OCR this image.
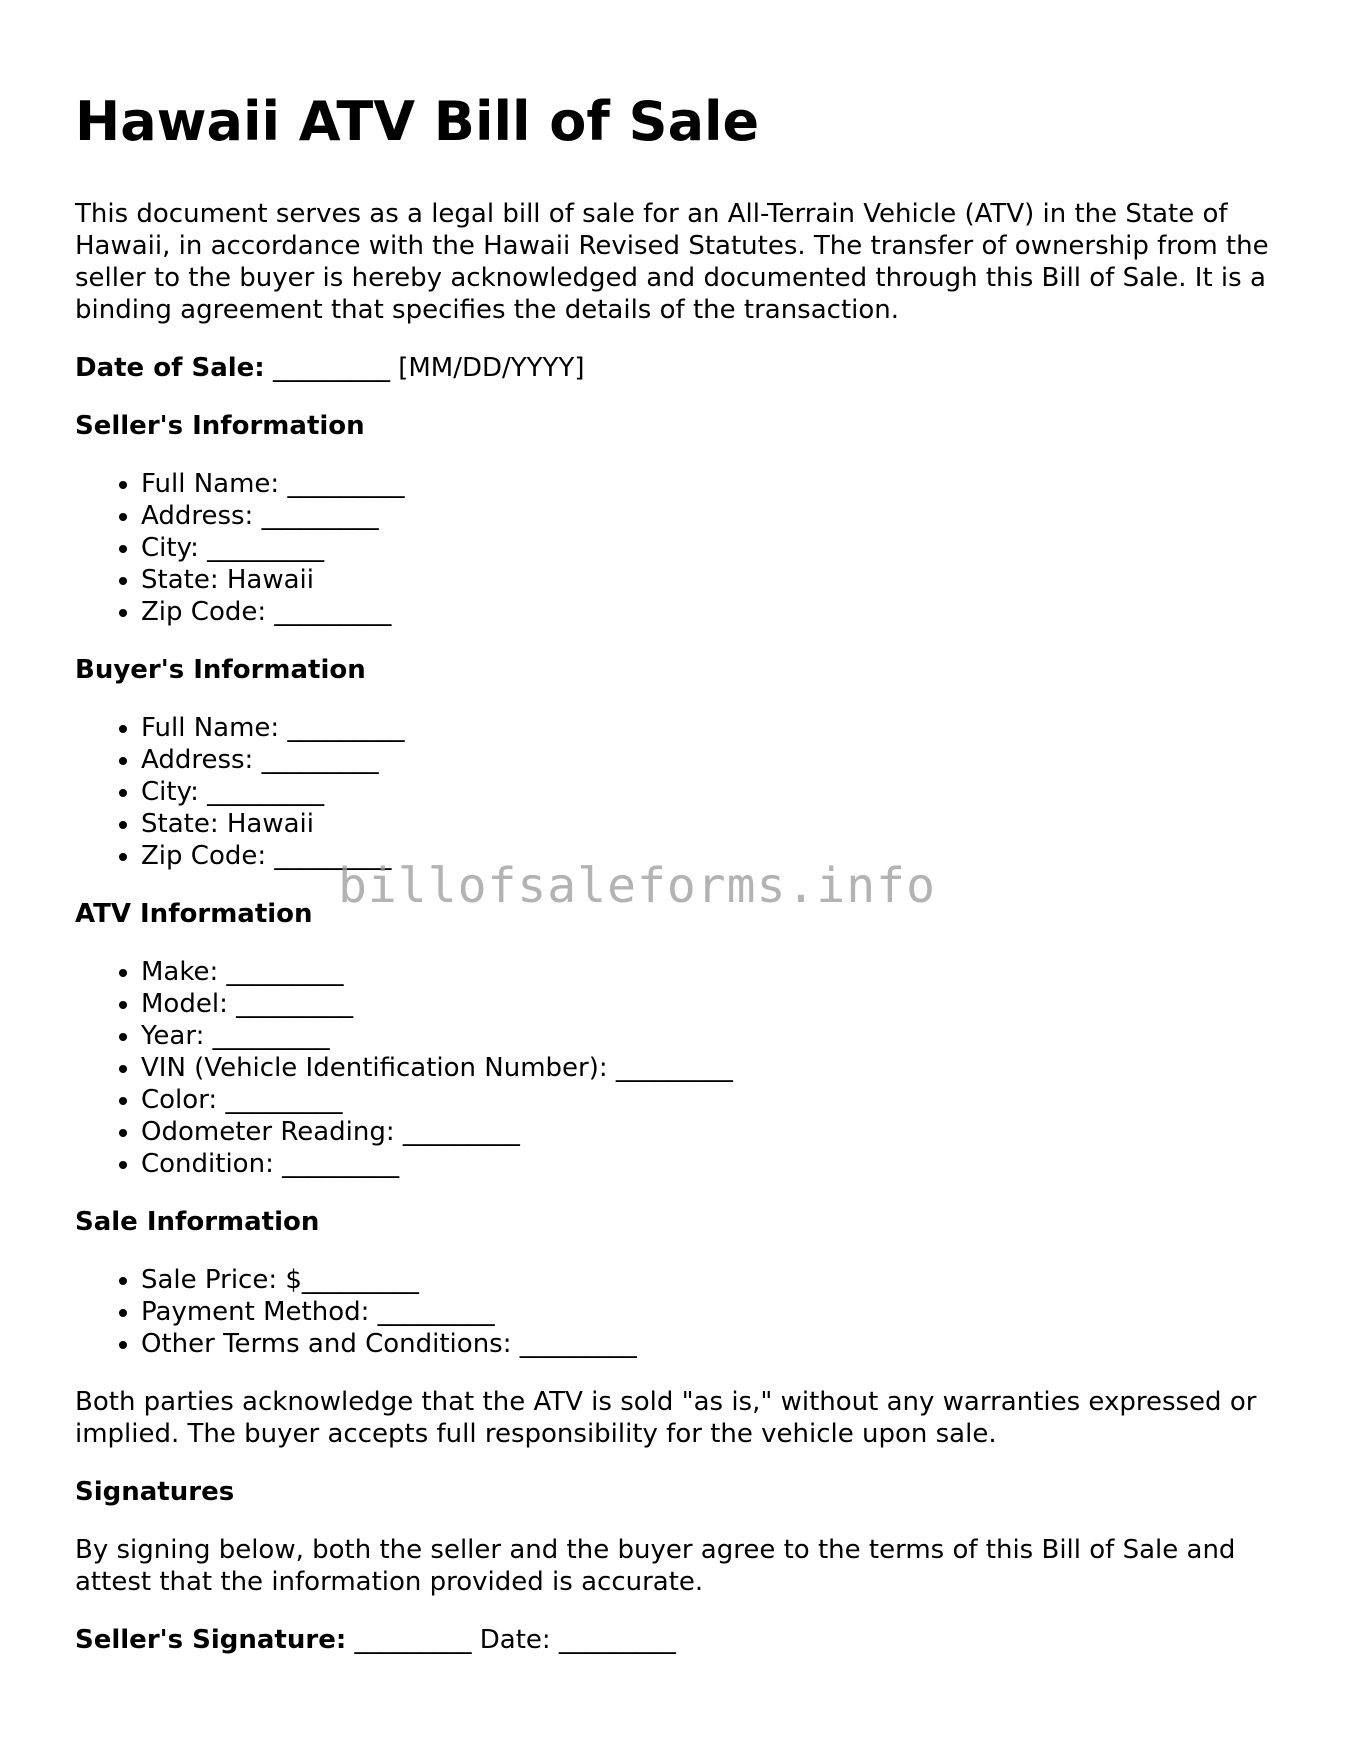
Hawaii ATV Bill of Sale

This document serves as a legal bill of sale for an All-Terrain Vehicle (ATV) in the State of Hawaii, in accordance with the Hawaii Revised Statutes. The transfer of ownership from the seller to the buyer is hereby acknowledged and documented through this Bill of Sale. It is a binding agreement that specifies the details of the transaction.

Date of Sale: _________ [MM/DD/YYYY]
Seller's Information
• Full Name: _________
• Address: _________
• City: _________
• State: Hawaii
• Zip Code: _________
Buyer's Information
• Full Name: _________
• Address: _________
• City: _________
• State: Hawaii
• Zip Code: _________
ATV Information
• Make: _________
• Model: _________
• Year: _________
• VIN (Vehicle Identification Number): _________
• Color: _________
• Odometer Reading: _________
• Condition: _________
Sale Information
• Sale Price: $_________
• Payment Method: _________
• Other Terms and Conditions: _________

Both parties acknowledge that the ATV is sold "as is," without any warranties expressed or implied. The buyer accepts full responsibility for the vehicle upon sale.

Signatures

By signing below, both the seller and the buyer agree to the terms of this Bill of Sale and attest that the information provided is accurate.

Seller's Signature: _________ Date: _________
billofsaleforms.info
